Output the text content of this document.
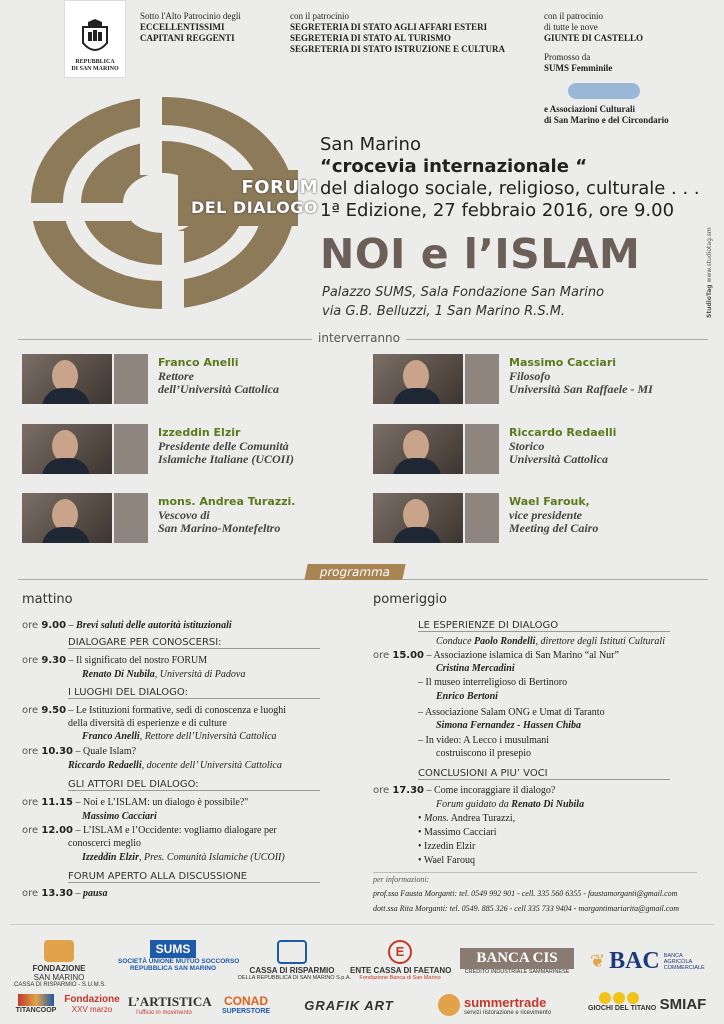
REPUBBLICA
DI SAN MARINO
Sotto l'Alto Patrocinio degli
ECCELLENTISSIMI
CAPITANI REGGENTI
con il patrocinio
SEGRETERIA DI STATO AGLI AFFARI ESTERI
SEGRETERIA DI STATO AL TURISMO
SEGRETERIA DI STATO ISTRUZIONE E CULTURA
con il patrocinio
di tutte le nove
GIUNTE DI CASTELLO
Promosso da
SUMS Femminile
e Associazioni Culturali
di San Marino e del Circondario
FORUM
DEL DIALOGO
San Marino
“crocevia internazionale “
del dialogo sociale, religioso, culturale . . .
1ª Edizione, 27 febbraio 2016, ore 9.00
NOI e l’ISLAM
Palazzo SUMS, Sala Fondazione San Marino
via G.B. Belluzzi, 1 San Marino R.S.M.	StudioTag www.studiotag.sm
interverranno
Franco Anelli
Rettore
dell’Università Cattolica
Massimo Cacciari
Filosofo
Università San Raffaele - MI
Izzeddin Elzir
Presidente delle Comunità
Islamiche Italiane (UCOII)
Riccardo Redaelli
Storico
Università Cattolica
mons. Andrea Turazzi.
Vescovo di
San Marino-Montefeltro
Wael Farouk,
vice presidente
Meeting del Cairo
programma
mattino
ore 9.00 – Brevi saluti delle autorità istituzionali
DIALOGARE PER CONOSCERSI:
ore 9.30 – Il significato del nostro FORUM
Renato Di Nubila, Università di Padova
I LUOGHI DEL DIALOGO:
ore 9.50 – Le Istituzioni formative, sedi di conoscenza e luoghi
della diversità di esperienze e di culture
Franco Anelli, Rettore dell’Università Cattolica
ore 10.30 – Quale Islam?
Riccardo Redaelli, docente dell’ Università Cattolica
GLI ATTORI DEL DIALOGO:
ore 11.15 – Noi e L’ISLAM: un dialogo è possibile?"
Massimo Cacciari
ore 12.00 – L’ISLAM e l’Occidente: vogliamo dialogare per
conoscerci meglio
Izzeddin Elzir, Pres. Comunità Islamiche (UCOII)
FORUM APERTO ALLA DISCUSSIONE
ore 13.30 – pausa
pomeriggio
LE ESPERIENZE DI DIALOGO
Conduce Paolo Rondelli, direttore degli Istituti Culturali
ore 15.00 – Associazione islamica di San Marino “al Nur”
Cristina Mercadini
– Il museo interreligioso di Bertinoro
Enrico Bertoni
– Associazione Salam ONG e Umat di Taranto
Simona Fernandez - Hassen Chiba
– In video: A Lecco i musulmani
costruiscono il presepio
CONCLUSIONI A PIU’ VOCI
ore 17.30 – Come incoraggiare il dialogo?
Forum guidato da Renato Di Nubila
• Mons. Andrea Turazzi,
• Massimo Cacciari
• Izzedin Elzir
• Wael Farouq
per informazioni:
prof.ssa Fausta Morganti: tel. 0549 992 901 - cell. 335 560 6355 - faustamorganti@gmail.com
dott.ssa Rita Morganti: tel. 0549. 885 326 - cell 335 733 9404 - morgantimariarita@gmail.com
FONDAZIONE
SAN MARINO
CASSA DI RISPARMIO - S.U.M.S.
SUMS
SOCIETÀ UNIONE MUTUO SOCCORSO
REPUBBLICA SAN MARINO	CASSA DI RISPARMIO
DELLA REPUBBLICA DI SAN MARINO S.p.A.
E
ENTE CASSA DI FAETANO
Fondazione Banca di San Marino
BANCA CIS
CREDITO INDUSTRIALE SAMMARINESE
❦ BAC BANCA AGRICOLA COMMERCIALE
TITANCOOP
Fondazione
XXV marzo
L’ARTISTICA
l’ufficio in movimento
CONAD
SUPERSTORE	GRAFIK ART	summertrade
servizi ristorazione e ricevimento
GIOCHI DEL TITANO SMIAF
